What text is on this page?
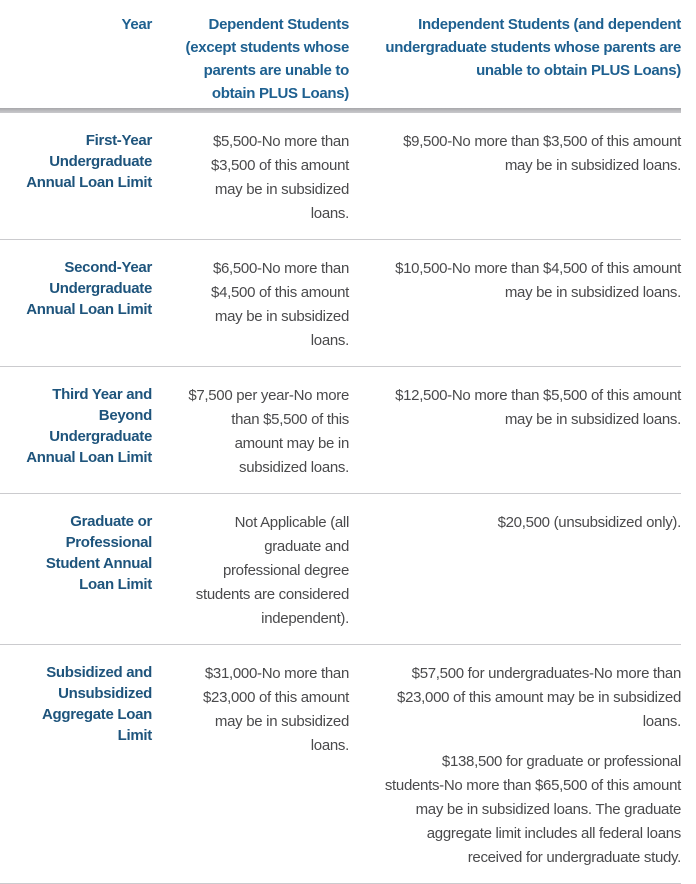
Year	Dependent Students (except students whose parents are unable to obtain PLUS Loans)
Independent Students (and dependent undergraduate students whose parents are unable to obtain PLUS Loans)
First-Year Undergraduate Annual Loan Limit
$5,500-No more than $3,500 of this amount may be in subsidized loans.
$9,500-No more than $3,500 of this amount may be in subsidized loans.
Second-Year Undergraduate Annual Loan Limit
$6,500-No more than $4,500 of this amount may be in subsidized loans.
$10,500-No more than $4,500 of this amount may be in subsidized loans.
Third Year and Beyond Undergraduate Annual Loan Limit
$7,500 per year-No more than $5,500 of this amount may be in subsidized loans.
$12,500-No more than $5,500 of this amount may be in subsidized loans.
Graduate or Professional Student Annual Loan Limit
Not Applicable (all graduate and professional degree students are considered independent).
$20,500 (unsubsidized only).
Subsidized and Unsubsidized Aggregate Loan Limit
$31,000-No more than $23,000 of this amount may be in subsidized loans.

$57,500 for undergraduates-No more than $23,000 of this amount may be in subsidized loans.

$138,500 for graduate or professional students-No more than $65,500 of this amount may be in subsidized loans. The graduate aggregate limit includes all federal loans received for undergraduate study.
